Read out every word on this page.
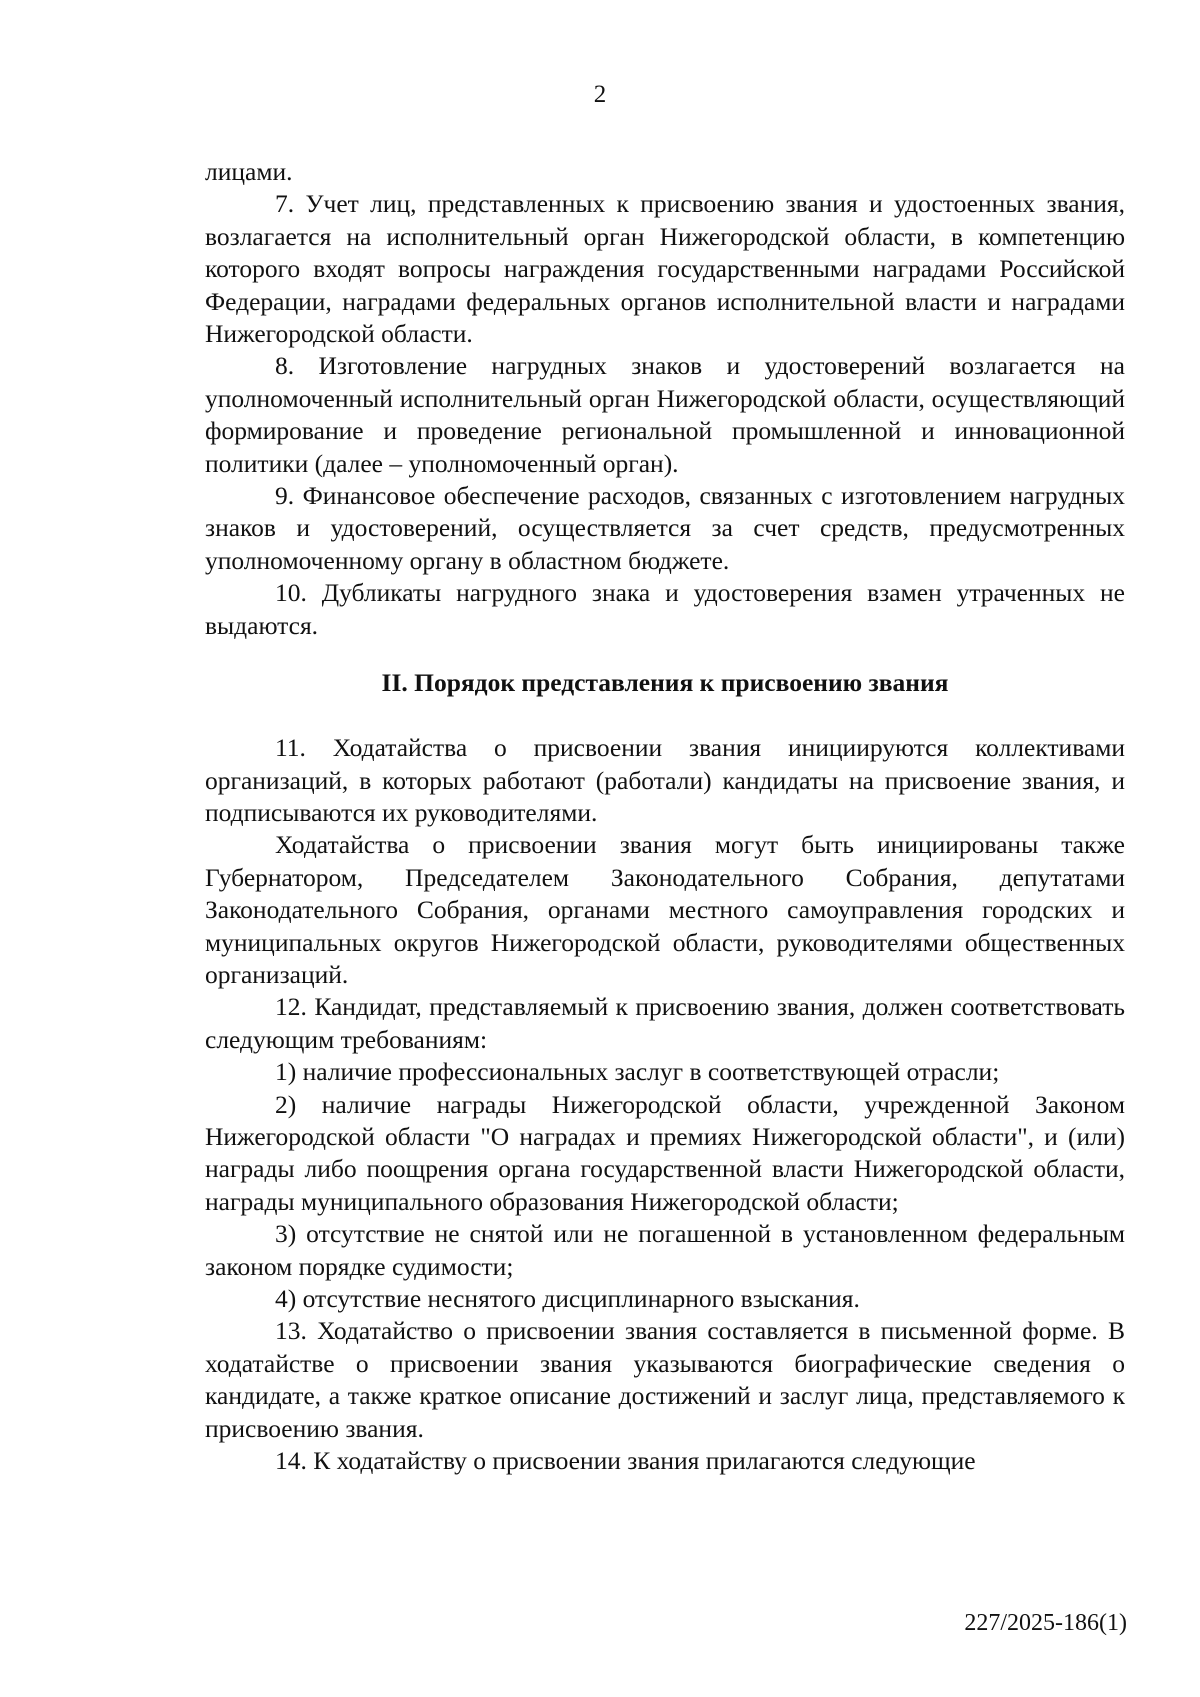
2

лицами.

7. Учет лиц, представленных к присвоению звания и удостоенных звания, возлагается на исполнительный орган Нижегородской области, в компетенцию которого входят вопросы награждения государственными наградами Российской Федерации, наградами федеральных органов исполнительной власти и наградами Нижегородской области.

8. Изготовление нагрудных знаков и удостоверений возлагается на уполномоченный исполнительный орган Нижегородской области, осуществляющий формирование и проведение региональной промышленной и инновационной политики (далее – уполномоченный орган).

9. Финансовое обеспечение расходов, связанных с изготовлением нагрудных знаков и удостоверений, осуществляется за счет средств, предусмотренных уполномоченному органу в областном бюджете.

10. Дубликаты нагрудного знака и удостоверения взамен утраченных не выдаются.

II. Порядок представления к присвоению звания

11. Ходатайства о присвоении звания инициируются коллективами организаций, в которых работают (работали) кандидаты на присвоение звания, и подписываются их руководителями.

Ходатайства о присвоении звания могут быть инициированы также Губернатором, Председателем Законодательного Собрания, депутатами Законодательного Собрания, органами местного самоуправления городских и муниципальных округов Нижегородской области, руководителями общественных организаций.

12. Кандидат, представляемый к присвоению звания, должен соответствовать следующим требованиям:

1) наличие профессиональных заслуг в соответствующей отрасли;

2) наличие награды Нижегородской области, учрежденной Законом Нижегородской области "О наградах и премиях Нижегородской области", и (или) награды либо поощрения органа государственной власти Нижегородской области, награды муниципального образования Нижегородской области;

3) отсутствие не снятой или не погашенной в установленном федеральным законом порядке судимости;

4) отсутствие неснятого дисциплинарного взыскания.

13. Ходатайство о присвоении звания составляется в письменной форме. В ходатайстве о присвоении звания указываются биографические сведения о кандидате, а также краткое описание достижений и заслуг лица, представляемого к присвоению звания.

14. К ходатайству о присвоении звания прилагаются следующие

227/2025-186(1)
